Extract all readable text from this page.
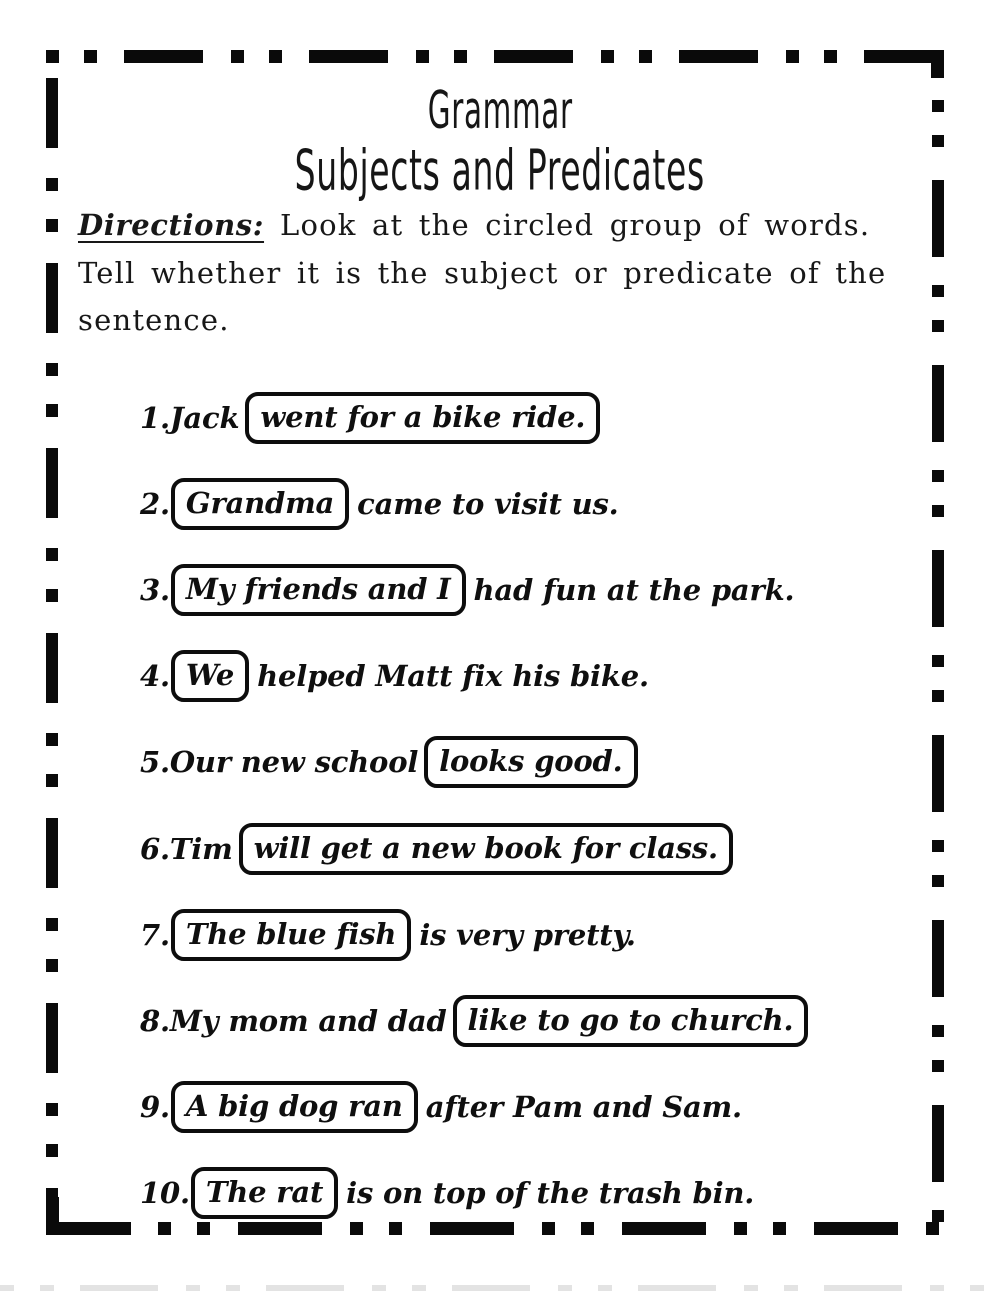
Grammar
Subjects and Predicates
Directions: Look at the circled group of words.
Tell whether it is the subject or predicate of the
sentence.
1. Jack went for a bike ride.
2. Grandma came to visit us.
3. My friends and I had fun at the park.
4. We helped Matt fix his bike.
5. Our new school looks good.
6. Tim will get a new book for class.
7. The blue fish is very pretty.
8. My mom and dad like to go to church.
9. A big dog ran after Pam and Sam.
10. The rat is on top of the trash bin.
